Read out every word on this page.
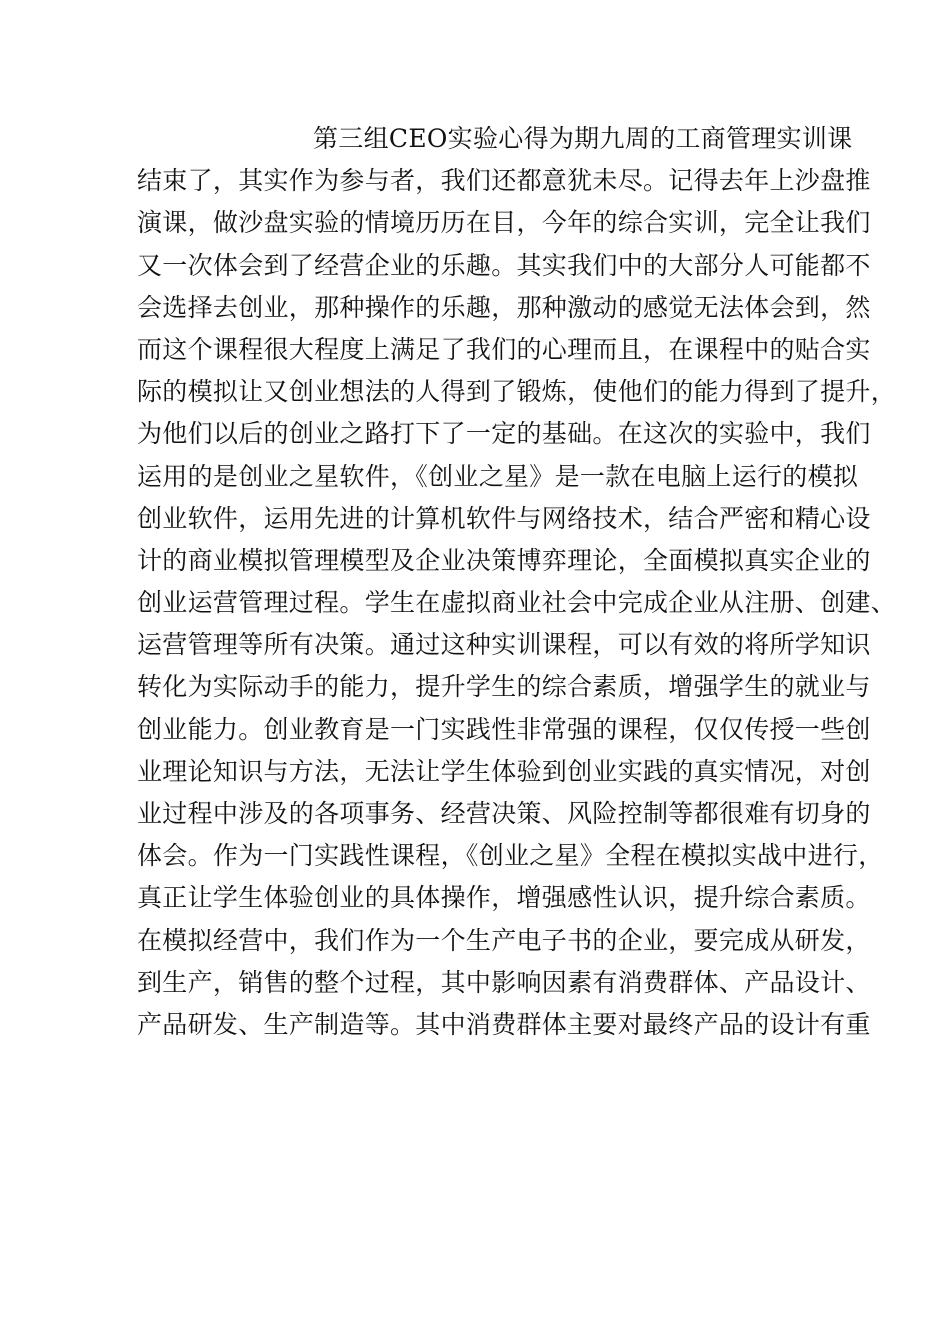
第三组CEO实验心得为期九周的工商管理实训课
结束了，其实作为参与者，我们还都意犹未尽。记得去年上沙盘推
演课，做沙盘实验的情境历历在目，今年的综合实训，完全让我们
又一次体会到了经营企业的乐趣。其实我们中的大部分人可能都不
会选择去创业，那种操作的乐趣，那种激动的感觉无法体会到，然
而这个课程很大程度上满足了我们的心理而且，在课程中的贴合实
际的模拟让又创业想法的人得到了锻炼，使他们的能力得到了提升，
为他们以后的创业之路打下了一定的基础。在这次的实验中，我们
运用的是创业之星软件，《创业之星》是一款在电脑上运行的模拟
创业软件，运用先进的计算机软件与网络技术，结合严密和精心设
计的商业模拟管理模型及企业决策博弈理论，全面模拟真实企业的
创业运营管理过程。学生在虚拟商业社会中完成企业从注册、创建、
运营管理等所有决策。通过这种实训课程，可以有效的将所学知识
转化为实际动手的能力，提升学生的综合素质，增强学生的就业与
创业能力。创业教育是一门实践性非常强的课程，仅仅传授一些创
业理论知识与方法，无法让学生体验到创业实践的真实情况，对创
业过程中涉及的各项事务、经营决策、风险控制等都很难有切身的
体会。作为一门实践性课程，《创业之星》全程在模拟实战中进行，
真正让学生体验创业的具体操作，增强感性认识，提升综合素质。
在模拟经营中，我们作为一个生产电子书的企业，要完成从研发，
到生产，销售的整个过程，其中影响因素有消费群体、产品设计、
产品研发、生产制造等。其中消费群体主要对最终产品的设计有重
